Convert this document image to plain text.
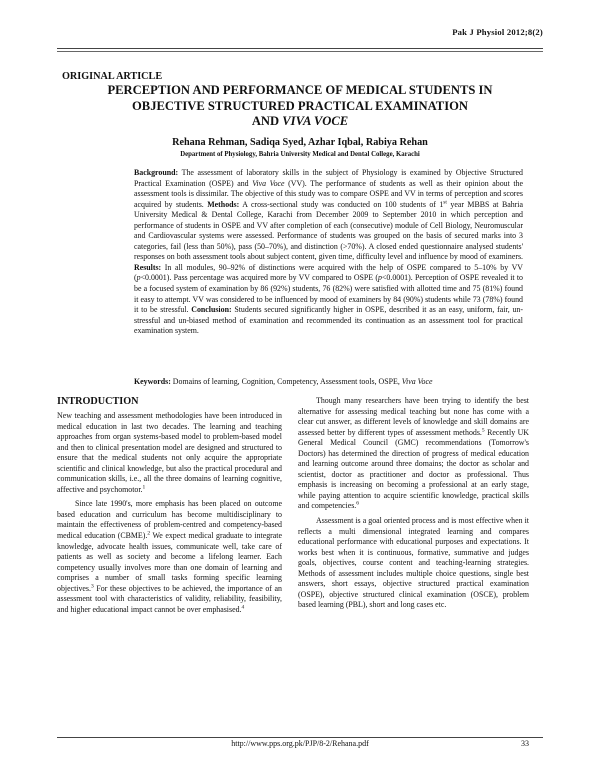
Pak J Physiol 2012;8(2)
ORIGINAL ARTICLE
PERCEPTION AND PERFORMANCE OF MEDICAL STUDENTS IN
OBJECTIVE STRUCTURED PRACTICAL EXAMINATION
AND VIVA VOCE
Rehana Rehman, Sadiqa Syed, Azhar Iqbal, Rabiya Rehan
Department of Physiology, Bahria University Medical and Dental College, Karachi
Background: The assessment of laboratory skills in the subject of Physiology is examined by Objective Structured Practical Examination (OSPE) and Viva Voce (VV). The performance of students as well as their opinion about the assessment tools is dissimilar. The objective of this study was to compare OSPE and VV in terms of perception and scores acquired by students. Methods: A cross-sectional study was conducted on 100 students of 1st year MBBS at Bahria University Medical & Dental College, Karachi from December 2009 to September 2010 in which perception and performance of students in OSPE and VV after completion of each (consecutive) module of Cell Biology, Neuromuscular and Cardiovascular systems were assessed. Performance of students was grouped on the basis of secured marks into 3 categories, fail (less than 50%), pass (50–70%), and distinction (>70%). A closed ended questionnaire analysed students' responses on both assessment tools about subject content, given time, difficulty level and influence by mood of examiners. Results: In all modules, 90–92% of distinctions were acquired with the help of OSPE compared to 5–10% by VV (p<0.0001). Pass percentage was acquired more by VV compared to OSPE (p<0.0001). Perception of OSPE revealed it to be a focused system of examination by 86 (92%) students, 76 (82%) were satisfied with allotted time and 75 (81%) found it easy to attempt. VV was considered to be influenced by mood of examiners by 84 (90%) students while 73 (78%) found it to be stressful. Conclusion: Students secured significantly higher in OSPE, described it as an easy, uniform, fair, un-stressful and un-biased method of examination and recommended its continuation as an assessment tool for practical examination system.
Keywords: Domains of learning, Cognition, Competency, Assessment tools, OSPE, Viva Voce
INTRODUCTION

New teaching and assessment methodologies have been introduced in medical education in last two decades. The learning and teaching approaches from organ systems-based model to problem-based model and then to clinical presentation model are designed and structured to ensure that the medical students not only acquire the appropriate scientific and clinical knowledge, but also the practical procedural and communication skills, i.e., all the three domains of learning cognitive, affective and psychomotor.$^1$

Since late 1990's, more emphasis has been placed on outcome based education and curriculum has become multidisciplinary to maintain the effectiveness of problem-centred and competency-based medical education (CBME).$^2$ We expect medical graduate to integrate knowledge, advocate health issues, communicate well, take care of patients as well as society and become a lifelong learner. Each competency usually involves more than one domain of learning and comprises a number of small tasks forming specific learning objectives.$^3$ For these objectives to be achieved, the importance of an assessment tool with characteristics of validity, reliability, feasibility, and higher educational impact cannot be over emphasised.$^4$

Though many researchers have been trying to identify the best alternative for assessing medical teaching but none has come with a clear cut answer, as different levels of knowledge and skill domains are assessed better by different types of assessment methods.$^5$ Recently UK General Medical Council (GMC) recommendations (Tomorrow's Doctors) has determined the direction of progress of medical education and learning outcome around three domains; the doctor as scholar and scientist, doctor as practitioner and doctor as professional. Thus emphasis is increasing on becoming a professional at an early stage, while paying attention to acquire scientific knowledge, practical skills and competencies.$^6$

Assessment is a goal oriented process and is most effective when it reflects a multi dimensional integrated learning and compares educational performance with educational purposes and expectations. It works best when it is continuous, formative, summative and judges goals, objectives, course content and teaching-learning strategies. Methods of assessment includes multiple choice questions, single best answers, short essays, objective structured practical examination (OSPE), objective structured clinical examination (OSCE), problem based learning (PBL), short and long cases etc.

http://www.pps.org.pk/PJP/8-2/Rehana.pdf	33
